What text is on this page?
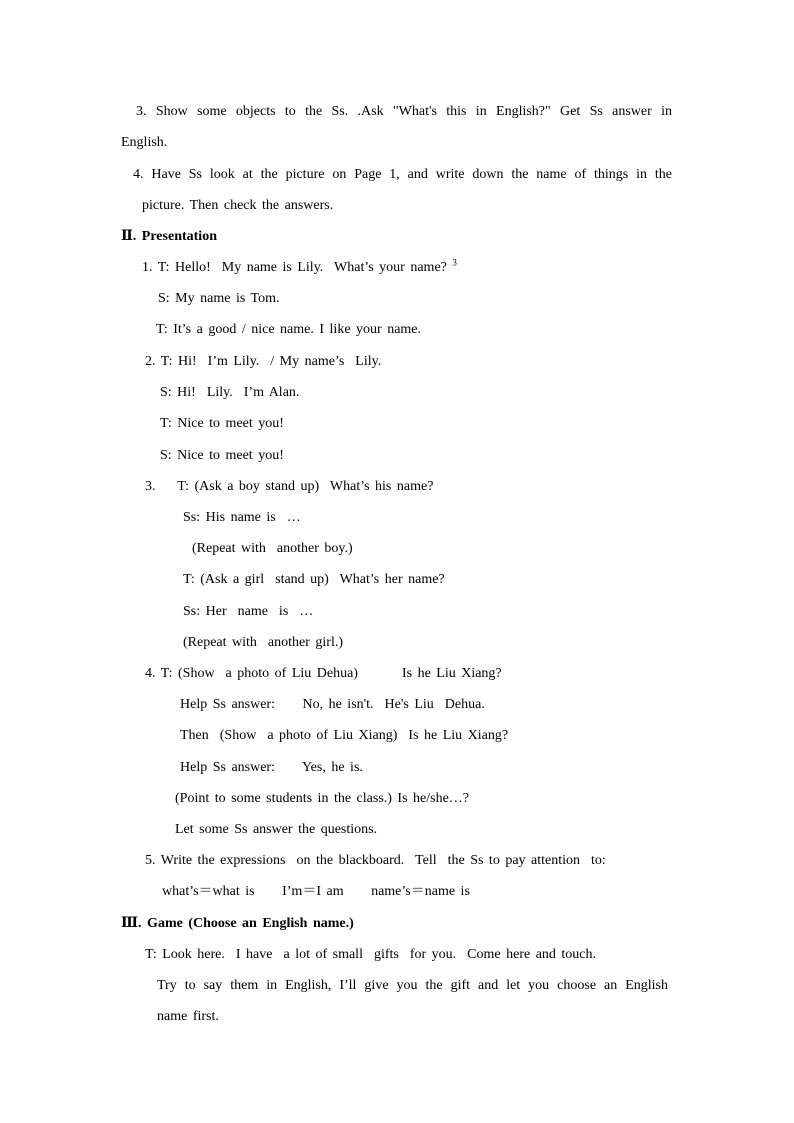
3. Show some objects to the Ss. .Ask "What's this in English?" Get Ss answer in
English.
4. Have Ss look at the picture on Page 1, and write down the name of things in the
picture. Then check the answers.
Ⅱ. Presentation
1. T: Hello!  My name is Lily.  What’s your name? $^3$
S: My name is Tom.
T: It’s a good / nice name. I like your name.
2. T: Hi!  I’m Lily.  / My name’s  Lily.
S: Hi!  Lily.  I’m Alan.
T: Nice to meet you!
S: Nice to meet you!
3.    T: (Ask a boy stand up)  What’s his name?
Ss: His name is  …
(Repeat with  another boy.)
T: (Ask a girl  stand up)  What’s her name?
Ss: Her  name  is  …
(Repeat with  another girl.)
4. T: (Show  a photo of Liu Dehua)        Is he Liu Xiang?
Help Ss answer:     No, he isn't.  He's Liu  Dehua.
Then  (Show  a photo of Liu Xiang)  Is he Liu Xiang?
Help Ss answer:     Yes, he is.
(Point to some students in the class.) Is he/she…?
Let some Ss answer the questions.
5. Write the expressions  on the blackboard.  Tell  the Ss to pay attention  to:
what’s＝what is     I’m＝I am     name’s＝name is
Ⅲ. Game (Choose an English name.)
T: Look here.  I have  a lot of small  gifts  for you.  Come here and touch.
Try to say them in English, I’ll give you the gift and let you choose an English
name first.
